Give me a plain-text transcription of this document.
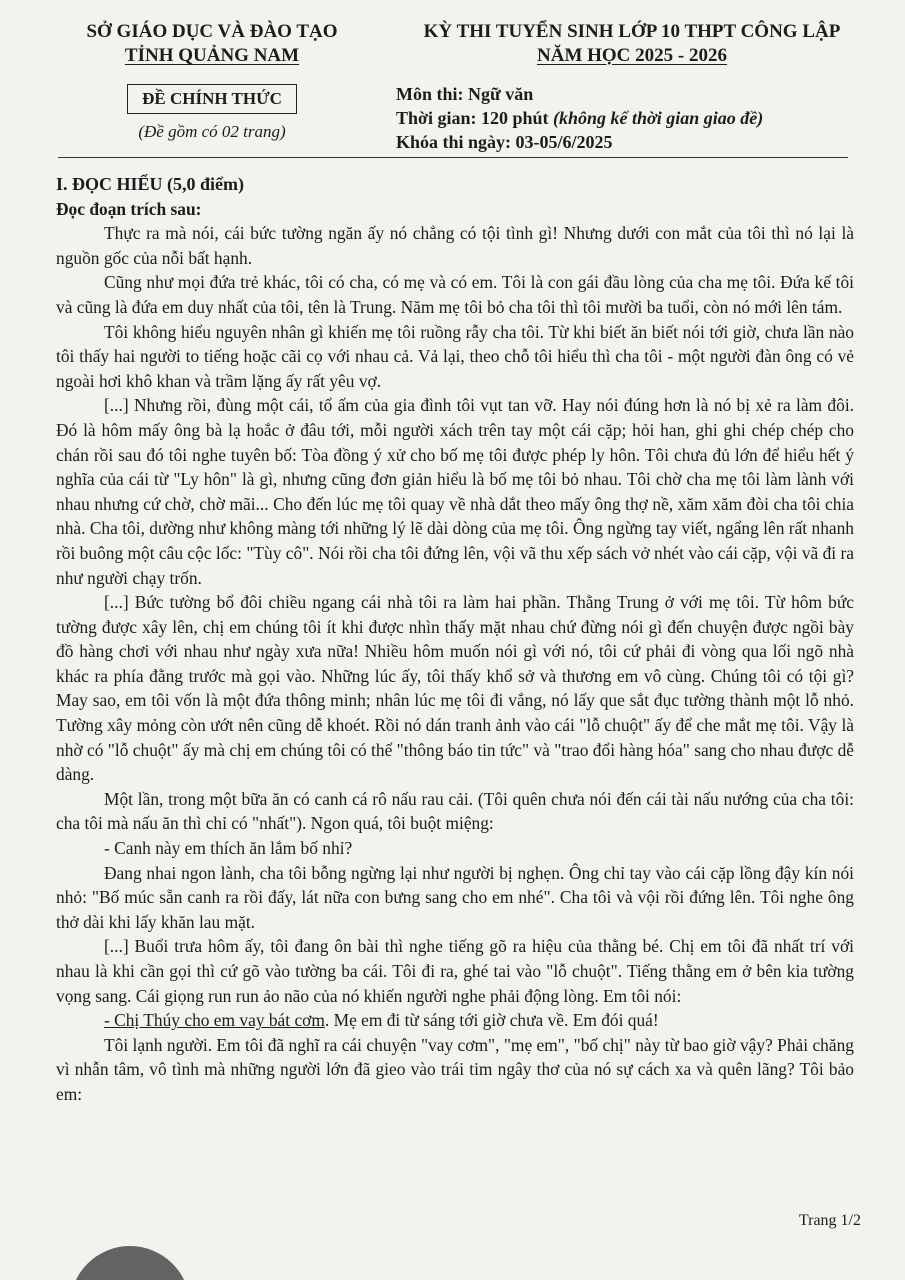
SỞ GIÁO DỤC VÀ ĐÀO TẠO
TỈNH QUẢNG NAM
ĐỀ CHÍNH THỨC
(Đề gồm có 02 trang)
KỲ THI TUYỂN SINH LỚP 10 THPT CÔNG LẬP
NĂM HỌC 2025 - 2026
Môn thi: Ngữ văn
Thời gian: 120 phút (không kể thời gian giao đề)
Khóa thi ngày: 03-05/6/2025

I. ĐỌC HIỂU (5,0 điểm)

Đọc đoạn trích sau:

Thực ra mà nói, cái bức tường ngăn ấy nó chẳng có tội tình gì! Nhưng dưới con mắt của tôi thì nó lại là nguồn gốc của nỗi bất hạnh.

Cũng như mọi đứa trẻ khác, tôi có cha, có mẹ và có em. Tôi là con gái đầu lòng của cha mẹ tôi. Đứa kế tôi và cũng là đứa em duy nhất của tôi, tên là Trung. Năm mẹ tôi bỏ cha tôi thì tôi mười ba tuổi, còn nó mới lên tám.

Tôi không hiểu nguyên nhân gì khiến mẹ tôi ruồng rẫy cha tôi. Từ khi biết ăn biết nói tới giờ, chưa lần nào tôi thấy hai người to tiếng hoặc cãi cọ với nhau cả. Vả lại, theo chỗ tôi hiểu thì cha tôi - một người đàn ông có vẻ ngoài hơi khô khan và trầm lặng ấy rất yêu vợ.

[...] Nhưng rồi, đùng một cái, tổ ấm của gia đình tôi vụt tan vỡ. Hay nói đúng hơn là nó bị xẻ ra làm đôi. Đó là hôm mấy ông bà lạ hoắc ở đâu tới, mỗi người xách trên tay một cái cặp; hỏi han, ghi ghi chép chép cho chán rồi sau đó tôi nghe tuyên bố: Tòa đồng ý xử cho bố mẹ tôi được phép ly hôn. Tôi chưa đủ lớn để hiểu hết ý nghĩa của cái từ "Ly hôn" là gì, nhưng cũng đơn giản hiểu là bố mẹ tôi bỏ nhau. Tôi chờ cha mẹ tôi làm lành với nhau nhưng cứ chờ, chờ mãi... Cho đến lúc mẹ tôi quay về nhà dắt theo mấy ông thợ nề, xăm xăm đòi cha tôi chia nhà. Cha tôi, dường như không màng tới những lý lẽ dài dòng của mẹ tôi. Ông ngừng tay viết, ngẩng lên rất nhanh rồi buông một câu cộc lốc: "Tùy cô". Nói rồi cha tôi đứng lên, vội vã thu xếp sách vở nhét vào cái cặp, vội vã đi ra như người chạy trốn.

[...] Bức tường bổ đôi chiều ngang cái nhà tôi ra làm hai phần. Thằng Trung ở với mẹ tôi. Từ hôm bức tường được xây lên, chị em chúng tôi ít khi được nhìn thấy mặt nhau chứ đừng nói gì đến chuyện được ngồi bày đồ hàng chơi với nhau như ngày xưa nữa! Nhiều hôm muốn nói gì với nó, tôi cứ phải đi vòng qua lối ngõ nhà khác ra phía đằng trước mà gọi vào. Những lúc ấy, tôi thấy khổ sở và thương em vô cùng. Chúng tôi có tội gì? May sao, em tôi vốn là một đứa thông minh; nhân lúc mẹ tôi đi vắng, nó lấy que sắt đục tường thành một lỗ nhỏ. Tường xây mỏng còn ướt nên cũng dễ khoét. Rồi nó dán tranh ảnh vào cái "lỗ chuột" ấy để che mắt mẹ tôi. Vậy là nhờ có "lỗ chuột" ấy mà chị em chúng tôi có thể "thông báo tin tức" và "trao đổi hàng hóa" sang cho nhau được dễ dàng.

Một lần, trong một bữa ăn có canh cá rô nấu rau cải. (Tôi quên chưa nói đến cái tài nấu nướng của cha tôi: cha tôi mà nấu ăn thì chỉ có "nhất"). Ngon quá, tôi buột miệng:

- Canh này em thích ăn lắm bố nhỉ?

Đang nhai ngon lành, cha tôi bỗng ngừng lại như người bị nghẹn. Ông chỉ tay vào cái cặp lồng đậy kín nói nhỏ: "Bố múc sẵn canh ra rồi đấy, lát nữa con bưng sang cho em nhé". Cha tôi và vội rồi đứng lên. Tôi nghe ông thở dài khi lấy khăn lau mặt.

[...] Buổi trưa hôm ấy, tôi đang ôn bài thì nghe tiếng gõ ra hiệu của thằng bé. Chị em tôi đã nhất trí với nhau là khi cần gọi thì cứ gõ vào tường ba cái. Tôi đi ra, ghé tai vào "lỗ chuột". Tiếng thằng em ở bên kia tường vọng sang. Cái giọng run run ảo não của nó khiến người nghe phải động lòng. Em tôi nói:

- Chị Thúy cho em vay bát cơm. Mẹ em đi từ sáng tới giờ chưa về. Em đói quá!

Tôi lạnh người. Em tôi đã nghĩ ra cái chuyện "vay cơm", "mẹ em", "bố chị" này từ bao giờ vậy? Phải chăng vì nhẫn tâm, vô tình mà những người lớn đã gieo vào trái tim ngây thơ của nó sự cách xa và quên lãng? Tôi bảo em:

Trang 1/2
